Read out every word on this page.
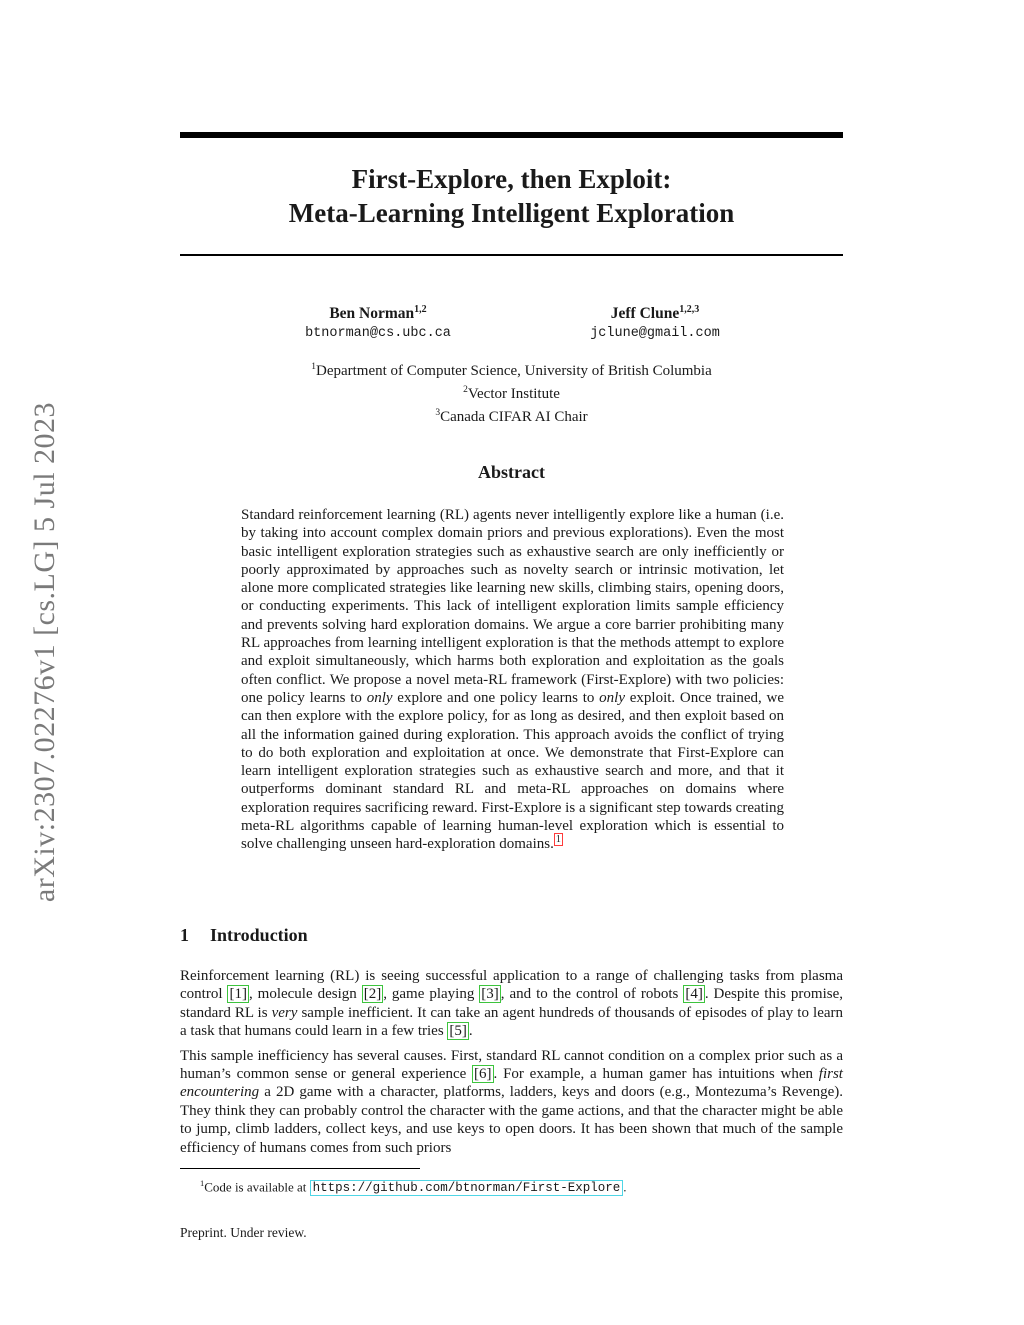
arXiv:2307.02276v1 [cs.LG] 5 Jul 2023
First-Explore, then Exploit:
Meta-Learning Intelligent Exploration
Ben Norman$^{1,2}$
btnorman@cs.ubc.ca
Jeff Clune$^{1,2,3}$
jclune@gmail.com
$^1$Department of Computer Science, University of British Columbia
$^2$Vector Institute
$^3$Canada CIFAR AI Chair
Abstract
Standard reinforcement learning (RL) agents never intelligently explore like a human (i.e. by taking into account complex domain priors and previous explorations). Even the most basic intelligent exploration strategies such as exhaustive search are only inefficiently or poorly approximated by approaches such as novelty search or intrinsic motivation, let alone more complicated strategies like learning new skills, climbing stairs, opening doors, or conducting experiments. This lack of intelligent exploration limits sample efficiency and prevents solving hard exploration domains. We argue a core barrier prohibiting many RL approaches from learning intelligent exploration is that the methods attempt to explore and exploit simultaneously, which harms both exploration and exploitation as the goals often conflict. We propose a novel meta-RL framework (First-Explore) with two policies: one policy learns to only explore and one policy learns to only exploit. Once trained, we can then explore with the explore policy, for as long as desired, and then exploit based on all the information gained during exploration. This approach avoids the conflict of trying to do both exploration and exploitation at once. We demonstrate that First-Explore can learn intelligent exploration strategies such as exhaustive search and more, and that it outperforms dominant standard RL and meta-RL approaches on domains where exploration requires sacrificing reward. First-Explore is a significant step towards creating meta-RL algorithms capable of learning human-level exploration which is essential to solve challenging unseen hard-exploration domains. $^1$
1 Introduction

Reinforcement learning (RL) is seeing successful application to a range of challenging tasks from plasma control [1] , molecule design [2] , game playing [3] , and to the control of robots [4] . Despite this promise, standard RL is very sample inefficient. It can take an agent hundreds of thousands of episodes of play to learn a task that humans could learn in a few tries [5] .

This sample inefficiency has several causes. First, standard RL cannot condition on a complex prior such as a human’s common sense or general experience [6] . For example, a human gamer has intuitions when first encountering a 2D game with a character, platforms, ladders, keys and doors (e.g., Montezuma’s Revenge). They think they can probably control the character with the game actions, and that the character might be able to jump, climb ladders, collect keys, and use keys to open doors. It has been shown that much of the sample efficiency of humans comes from such priors

$^1$Code is available at https://github.com/btnorman/First-Explore .
Preprint. Under review.
